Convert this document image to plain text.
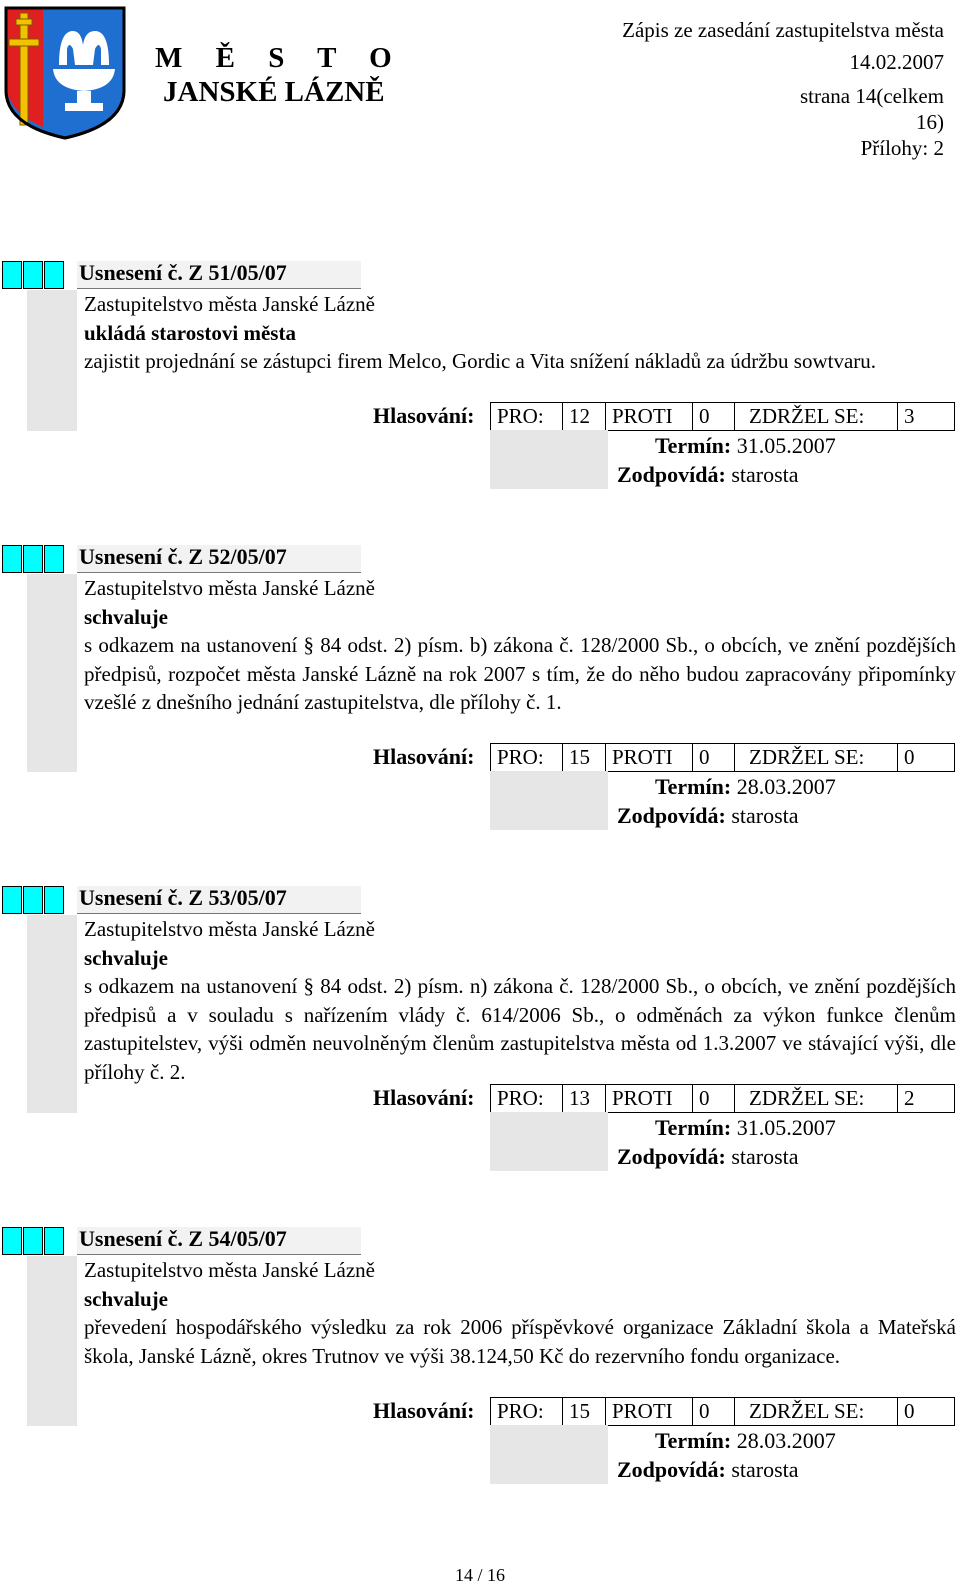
M Ě S T O
JANSKÉ LÁZNĚ
Zápis ze zasedání zastupitelstva města
14.02.2007
strana 14(celkem
16)
Přílohy: 2
Usnesení č. Z 51/05/07

Zastupitelstvo města Janské Lázně

ukládá starostovi města

zajistit projednání se zástupci firem Melco, Gordic a Vita snížení nákladů za údržbu sowtvaru.

Hlasování: PRO:	12	PROTI	0	ZDRŽEL SE:	3
Termín: 31.05.2007
Zodpovídá: starosta
Usnesení č. Z 52/05/07

Zastupitelstvo města Janské Lázně

schvaluje

s odkazem na ustanovení § 84 odst. 2) písm. b) zákona č. 128/2000 Sb., o obcích, ve znění pozdějších předpisů, rozpočet města Janské Lázně na rok 2007 s tím, že do něho budou zapracovány připomínky vzešlé z dnešního jednání zastupitelstva, dle přílohy č. 1.

Hlasování: PRO:	15	PROTI	0	ZDRŽEL SE:	0
Termín: 28.03.2007
Zodpovídá: starosta
Usnesení č. Z 53/05/07

Zastupitelstvo města Janské Lázně

schvaluje

s odkazem na ustanovení § 84 odst. 2) písm. n) zákona č. 128/2000 Sb., o obcích, ve znění pozdějších předpisů a v souladu s nařízením vlády č. 614/2006 Sb., o odměnách za výkon funkce členům zastupitelstev, výši odměn neuvolněným členům zastupitelstva města od 1.3.2007 ve stávající výši, dle přílohy č. 2.

Hlasování: PRO:	13	PROTI	0	ZDRŽEL SE:	2
Termín: 31.05.2007
Zodpovídá: starosta
Usnesení č. Z 54/05/07

Zastupitelstvo města Janské Lázně

schvaluje

převedení hospodářského výsledku za rok 2006 příspěvkové organizace Základní škola a Mateřská škola, Janské Lázně, okres Trutnov ve výši 38.124,50 Kč do rezervního fondu organizace.

Hlasování: PRO:	15	PROTI	0	ZDRŽEL SE:	0
Termín: 28.03.2007
Zodpovídá: starosta
14 / 16
